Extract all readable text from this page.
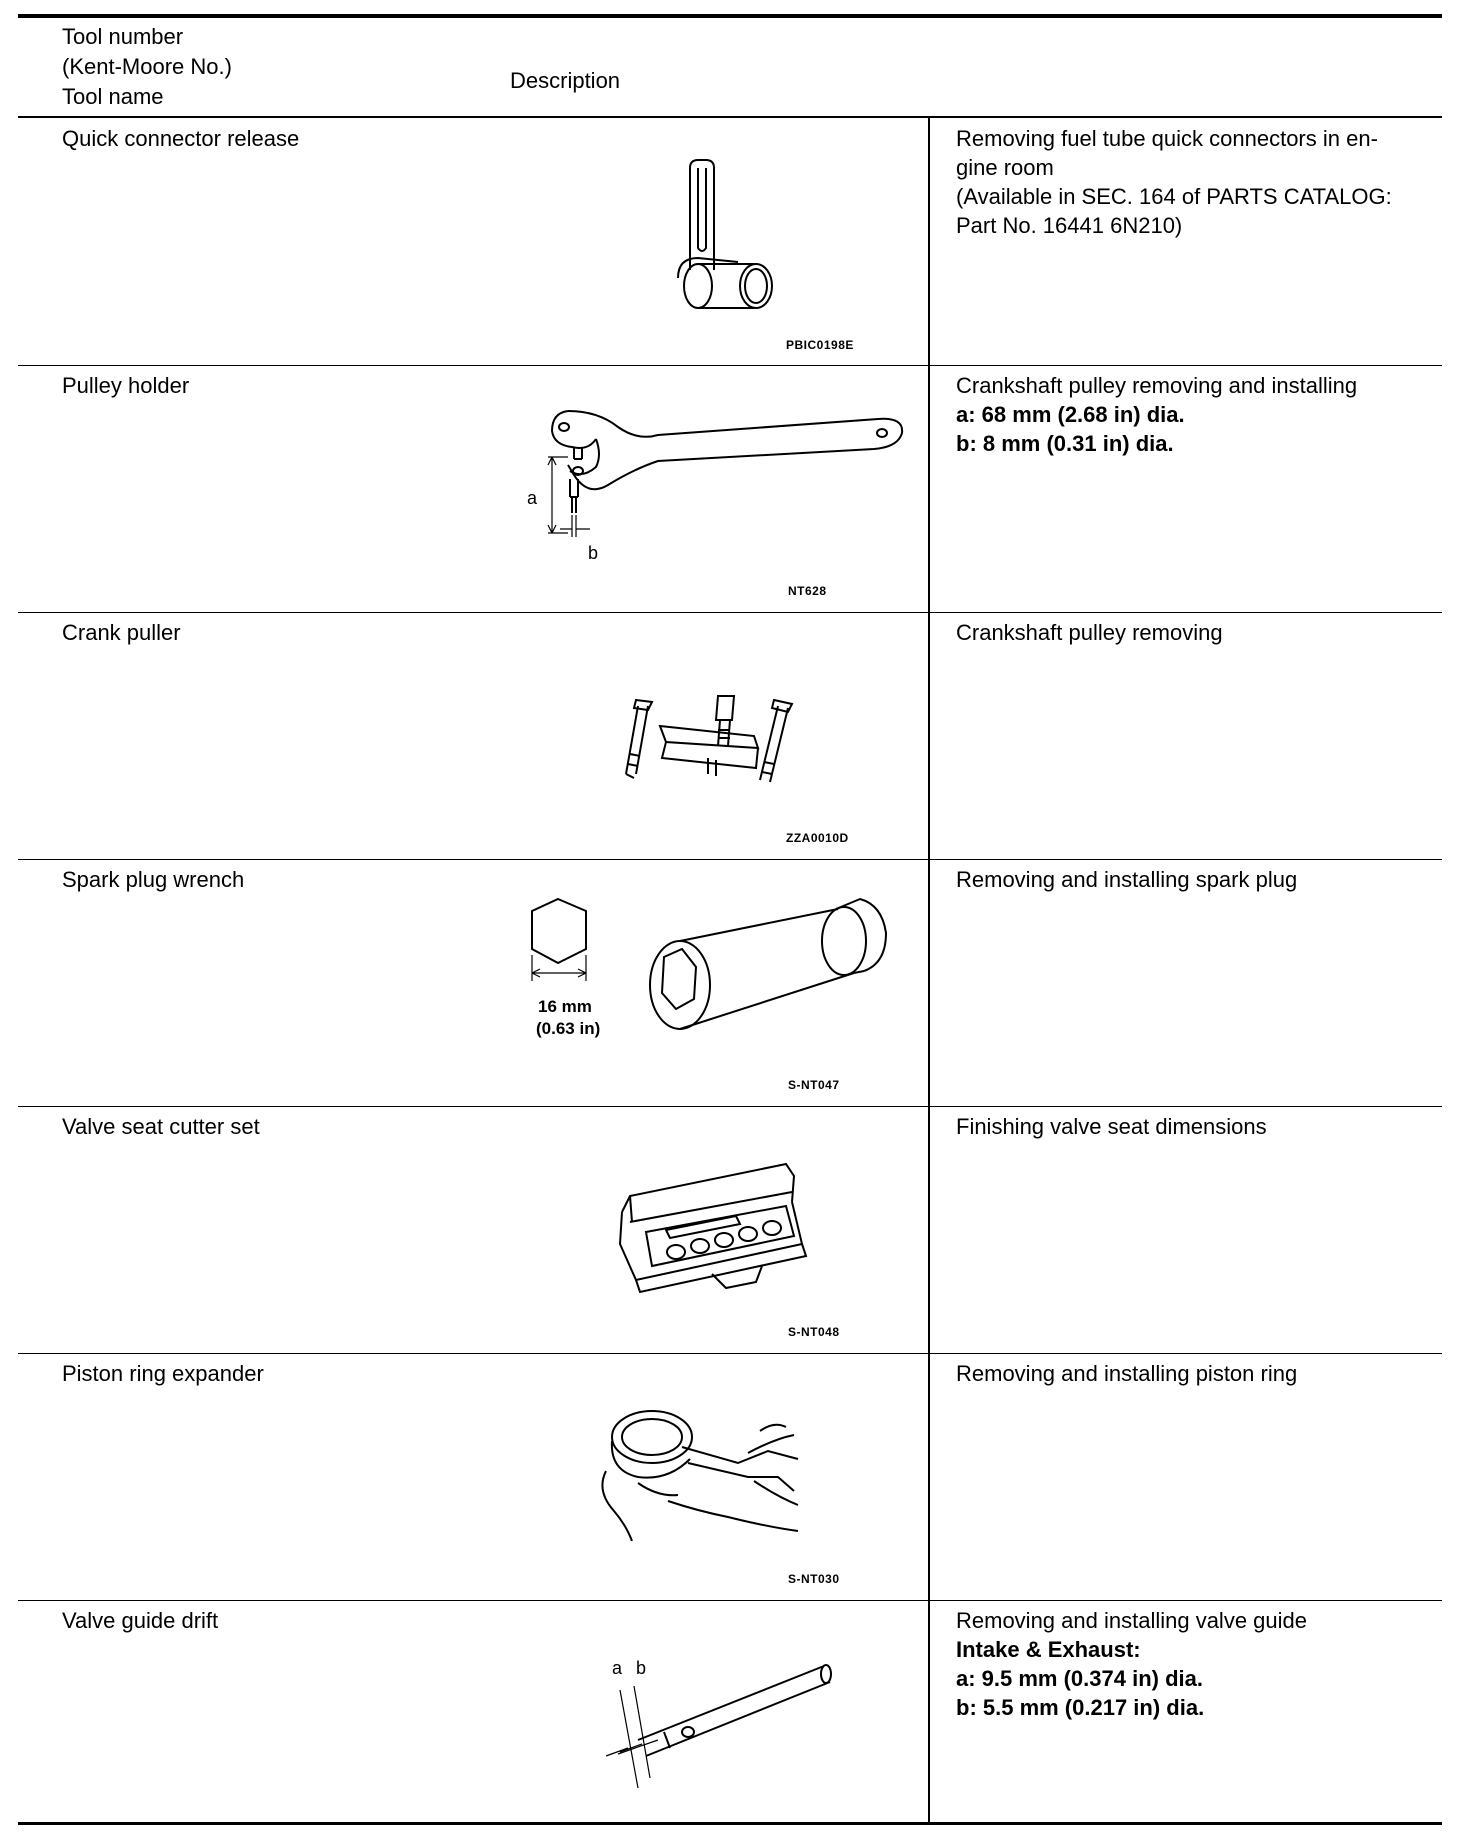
Tool number
(Kent-Moore No.)
Tool name
Description
Quick connector release
PBIC0198E
Removing fuel tube quick connectors in en-
gine room
(Available in SEC. 164 of PARTS CATALOG:
Part No. 16441 6N210)
Pulley holder
a
b
NT628
Crankshaft pulley removing and installing
a: 68 mm (2.68 in) dia.
b: 8 mm (0.31 in) dia.
Crank puller
ZZA0010D
Crankshaft pulley removing
Spark plug wrench
16 mm
(0.63 in)
S-NT047
Removing and installing spark plug
Valve seat cutter set
S-NT048
Finishing valve seat dimensions
Piston ring expander
S-NT030
Removing and installing piston ring
Valve guide drift
a b
Removing and installing valve guide
Intake & Exhaust:
a: 9.5 mm (0.374 in) dia.
b: 5.5 mm (0.217 in) dia.
